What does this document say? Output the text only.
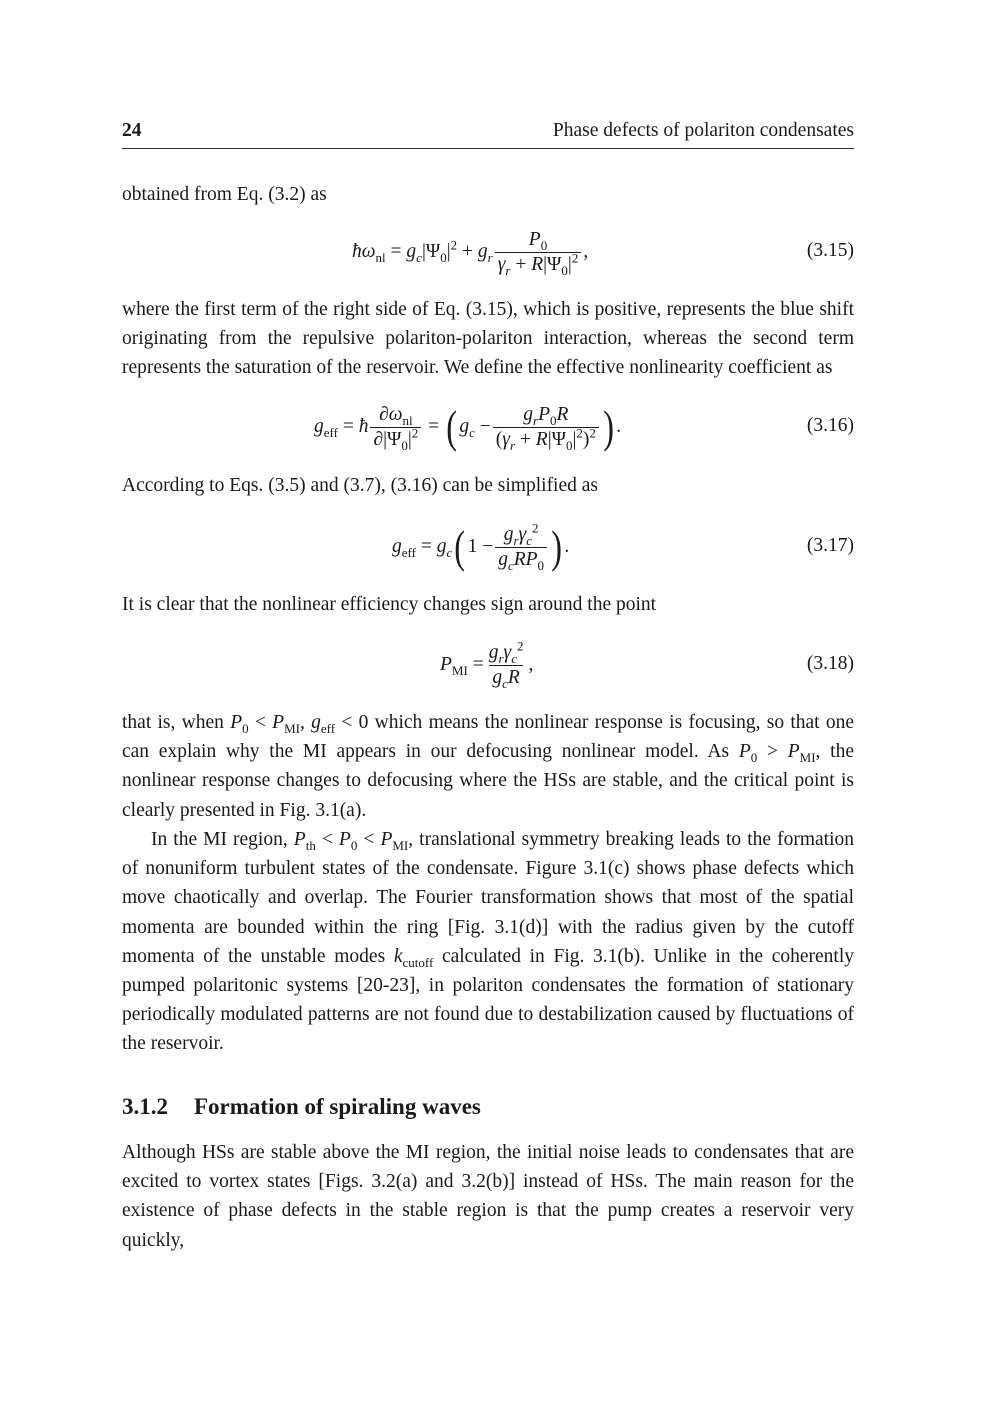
24	Phase defects of polariton condensates
obtained from Eq. (3.2) as
$ħ\omega_{nl} = g_c|\Psi_0|^2 + g_r \frac{P_0}{\gamma_r + R|\Psi_0|^2}$ ,	(3.15)
where the first term of the right side of Eq. (3.15), which is positive, represents the blue shift originating from the repulsive polariton-polariton interaction, whereas the second term represents the saturation of the reservoir. We define the effective nonlinearity coefficient as
$g_{eff}$ = ħ $\frac{\partial\omega_{nl}}{\partial|\Psi_0|^2}$ = ( $g_c - \frac{g_rP_0R}{(\gamma_r + R|\Psi_0|^2)^2}$ ) .	(3.16)
According to Eqs. (3.5) and (3.7), (3.16) can be simplified as
$g_{eff} = g_c$ ( $1 - \frac{g_r\gamma_c^2}{g_cRP_0}$ ) .	(3.17)
It is clear that the nonlinear efficiency changes sign around the point
$P_{MI} = \frac{g_r\gamma_c^2}{g_cR}$ ,	(3.18)
that is, when $P_0 < P_{MI}$, $g_{eff} < 0$ which means the nonlinear response is focusing, so that one can explain why the MI appears in our defocusing nonlinear model. As $P_0 > P_{MI}$, the nonlinear response changes to defocusing where the HSs are stable, and the critical point is clearly presented in Fig. 3.1(a).
In the MI region, $P_{th} < P_0 < P_{MI}$, translational symmetry breaking leads to the formation of nonuniform turbulent states of the condensate. Figure 3.1(c) shows phase defects which move chaotically and overlap. The Fourier transformation shows that most of the spatial momenta are bounded within the ring [Fig. 3.1(d)] with the radius given by the cutoff momenta of the unstable modes $k_{cutoff}$ calculated in Fig. 3.1(b). Unlike in the coherently pumped polaritonic systems [20-23], in polariton condensates the formation of stationary periodically modulated patterns are not found due to destabilization caused by fluctuations of the reservoir.
3.1.2 Formation of spiraling waves
Although HSs are stable above the MI region, the initial noise leads to condensates that are excited to vortex states [Figs. 3.2(a) and 3.2(b)] instead of HSs. The main reason for the existence of phase defects in the stable region is that the pump creates a reservoir very quickly,
